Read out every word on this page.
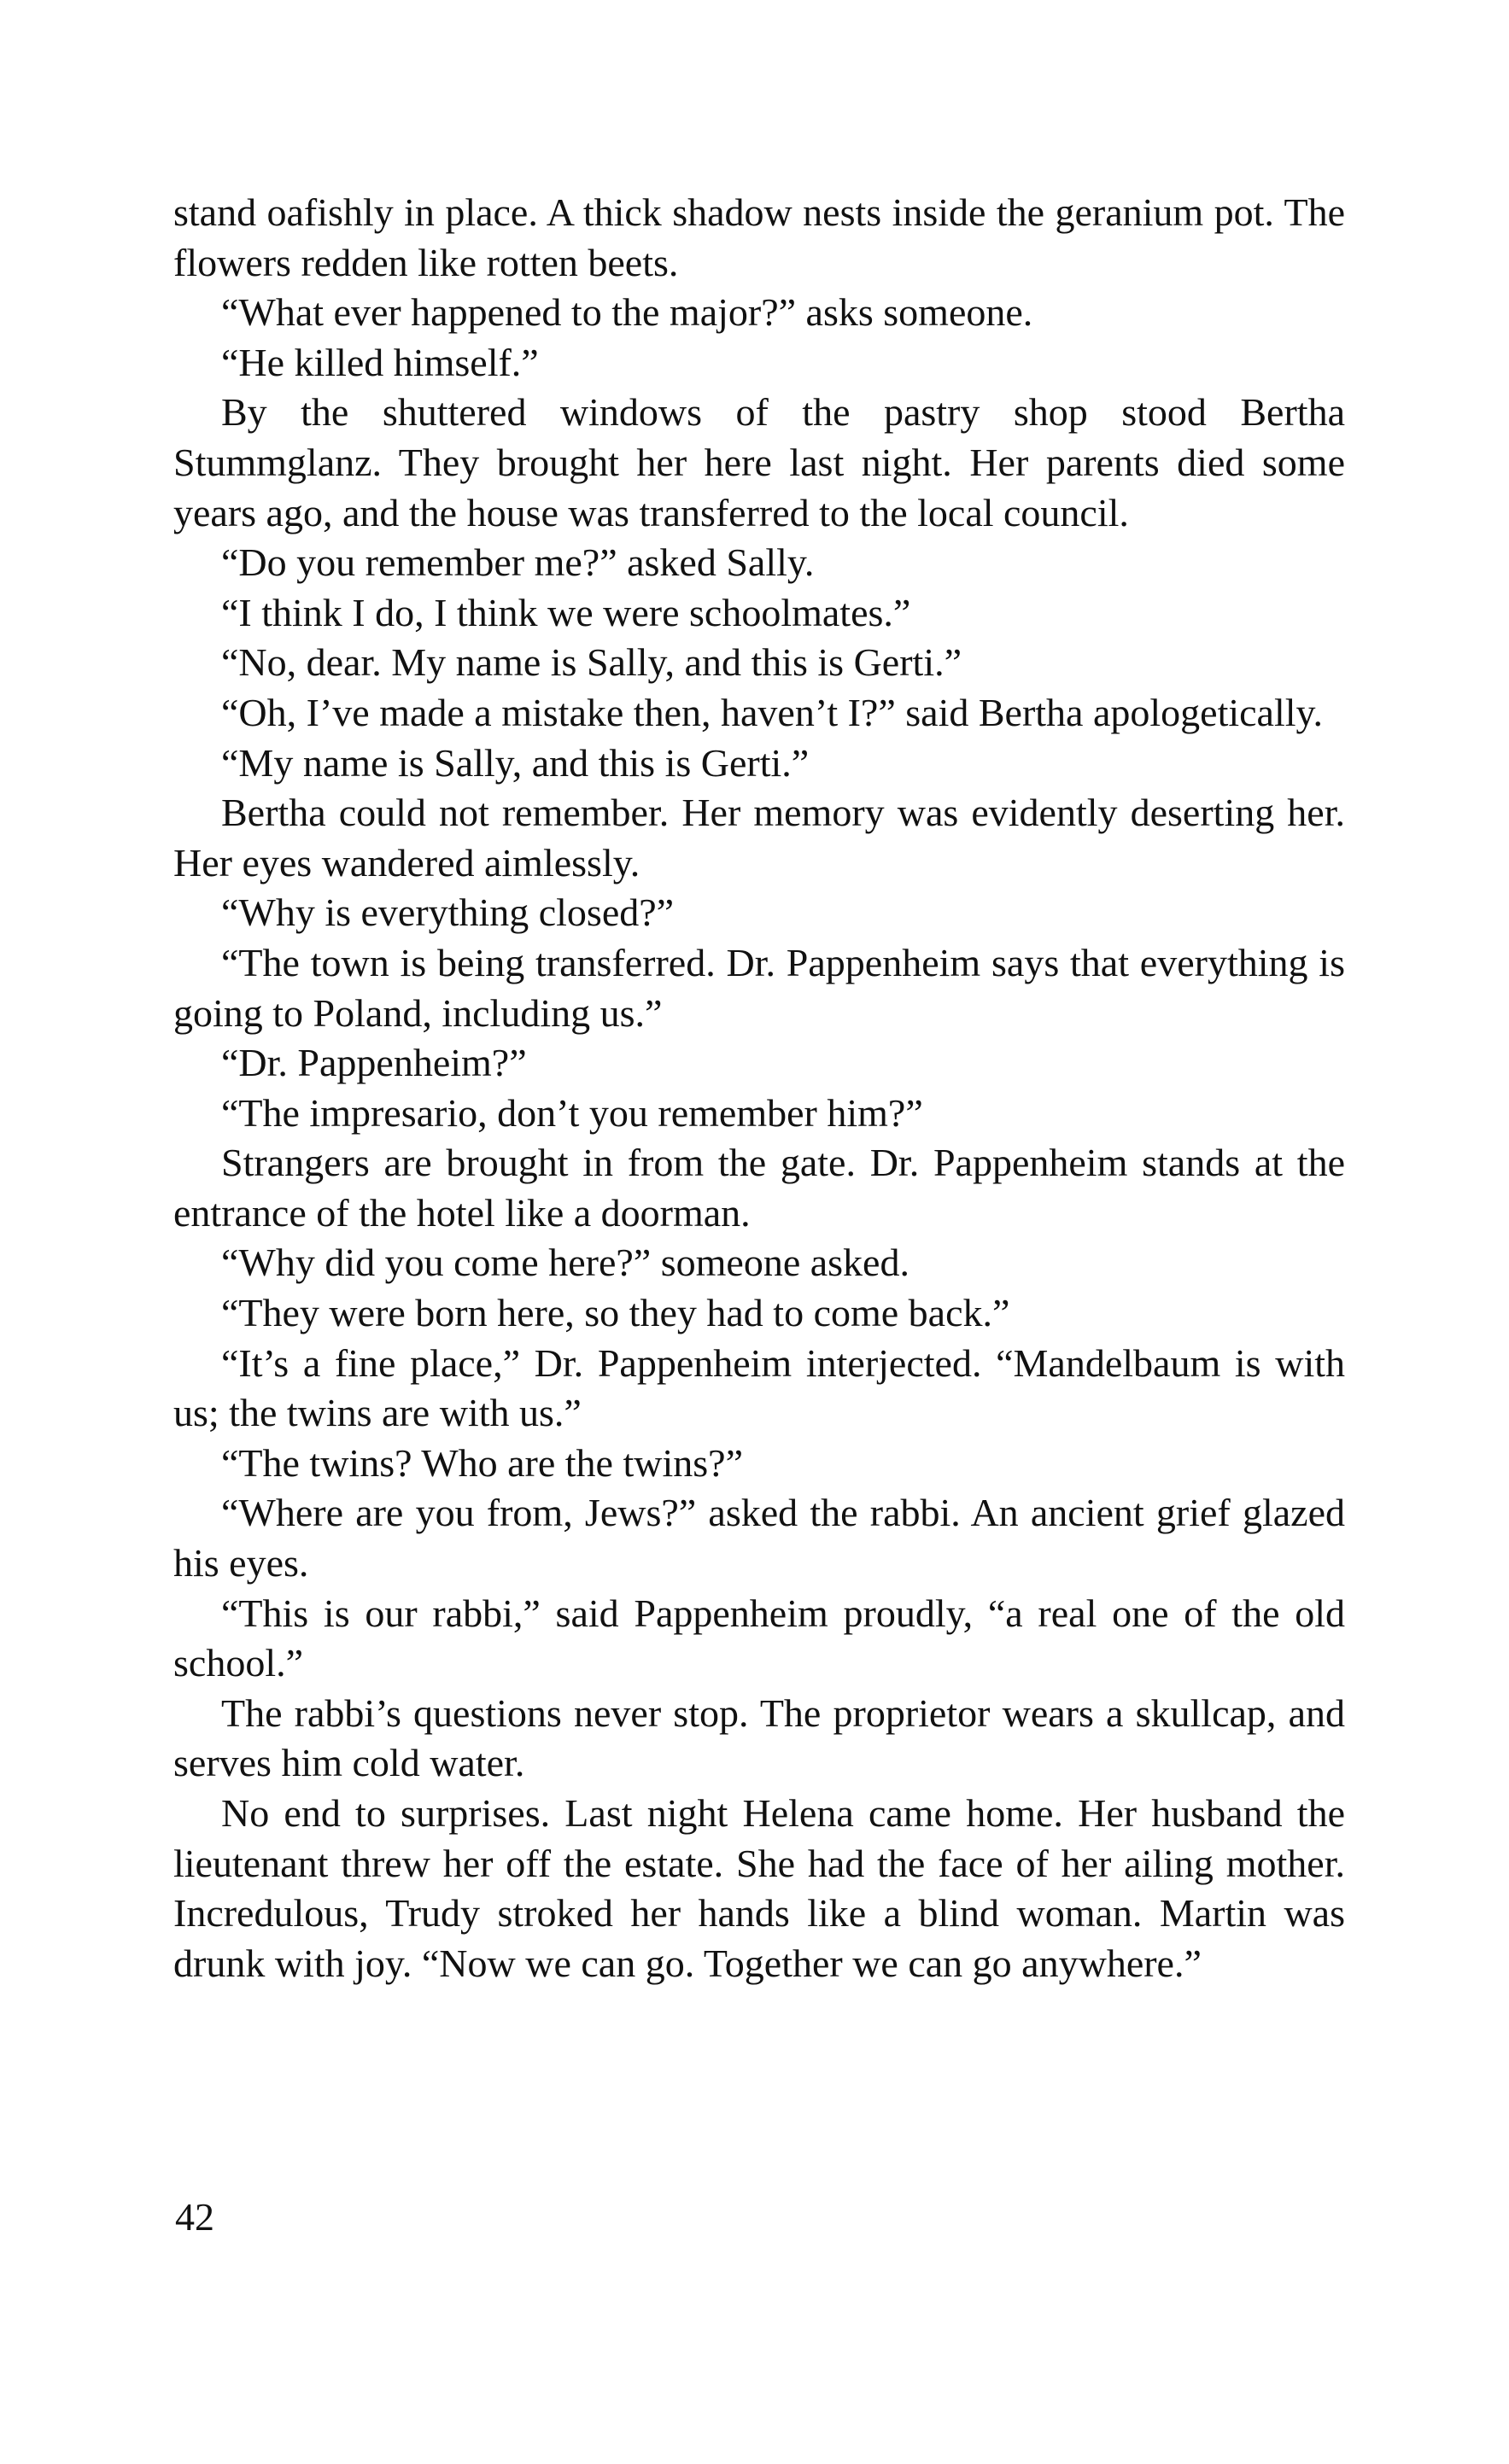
stand oafishly in place. A thick shadow nests inside the geranium pot. The flowers redden like rotten beets.

“What ever happened to the major?” asks someone.

“He killed himself.”

By the shuttered windows of the pastry shop stood Bertha Stummglanz. They brought her here last night. Her parents died some years ago, and the house was transferred to the local council.

“Do you remember me?” asked Sally.

“I think I do, I think we were schoolmates.”

“No, dear. My name is Sally, and this is Gerti.”

“Oh, I’ve made a mistake then, haven’t I?” said Bertha apologetically.

“My name is Sally, and this is Gerti.”

Bertha could not remember. Her memory was evidently deserting her. Her eyes wandered aimlessly.

“Why is everything closed?”

“The town is being transferred. Dr. Pappenheim says that everything is going to Poland, including us.”

“Dr. Pappenheim?”

“The impresario, don’t you remember him?”

Strangers are brought in from the gate. Dr. Pappenheim stands at the entrance of the hotel like a doorman.

“Why did you come here?” someone asked.

“They were born here, so they had to come back.”

“It’s a fine place,” Dr. Pappenheim interjected. “Mandelbaum is with us; the twins are with us.”

“The twins? Who are the twins?”

“Where are you from, Jews?” asked the rabbi. An ancient grief glazed his eyes.

“This is our rabbi,” said Pappenheim proudly, “a real one of the old school.”

The rabbi’s questions never stop. The proprietor wears a skullcap, and serves him cold water.

No end to surprises. Last night Helena came home. Her husband the lieutenant threw her off the estate. She had the face of her ailing mother. Incredulous, Trudy stroked her hands like a blind woman. Martin was drunk with joy. “Now we can go. Together we can go anywhere.”

42
